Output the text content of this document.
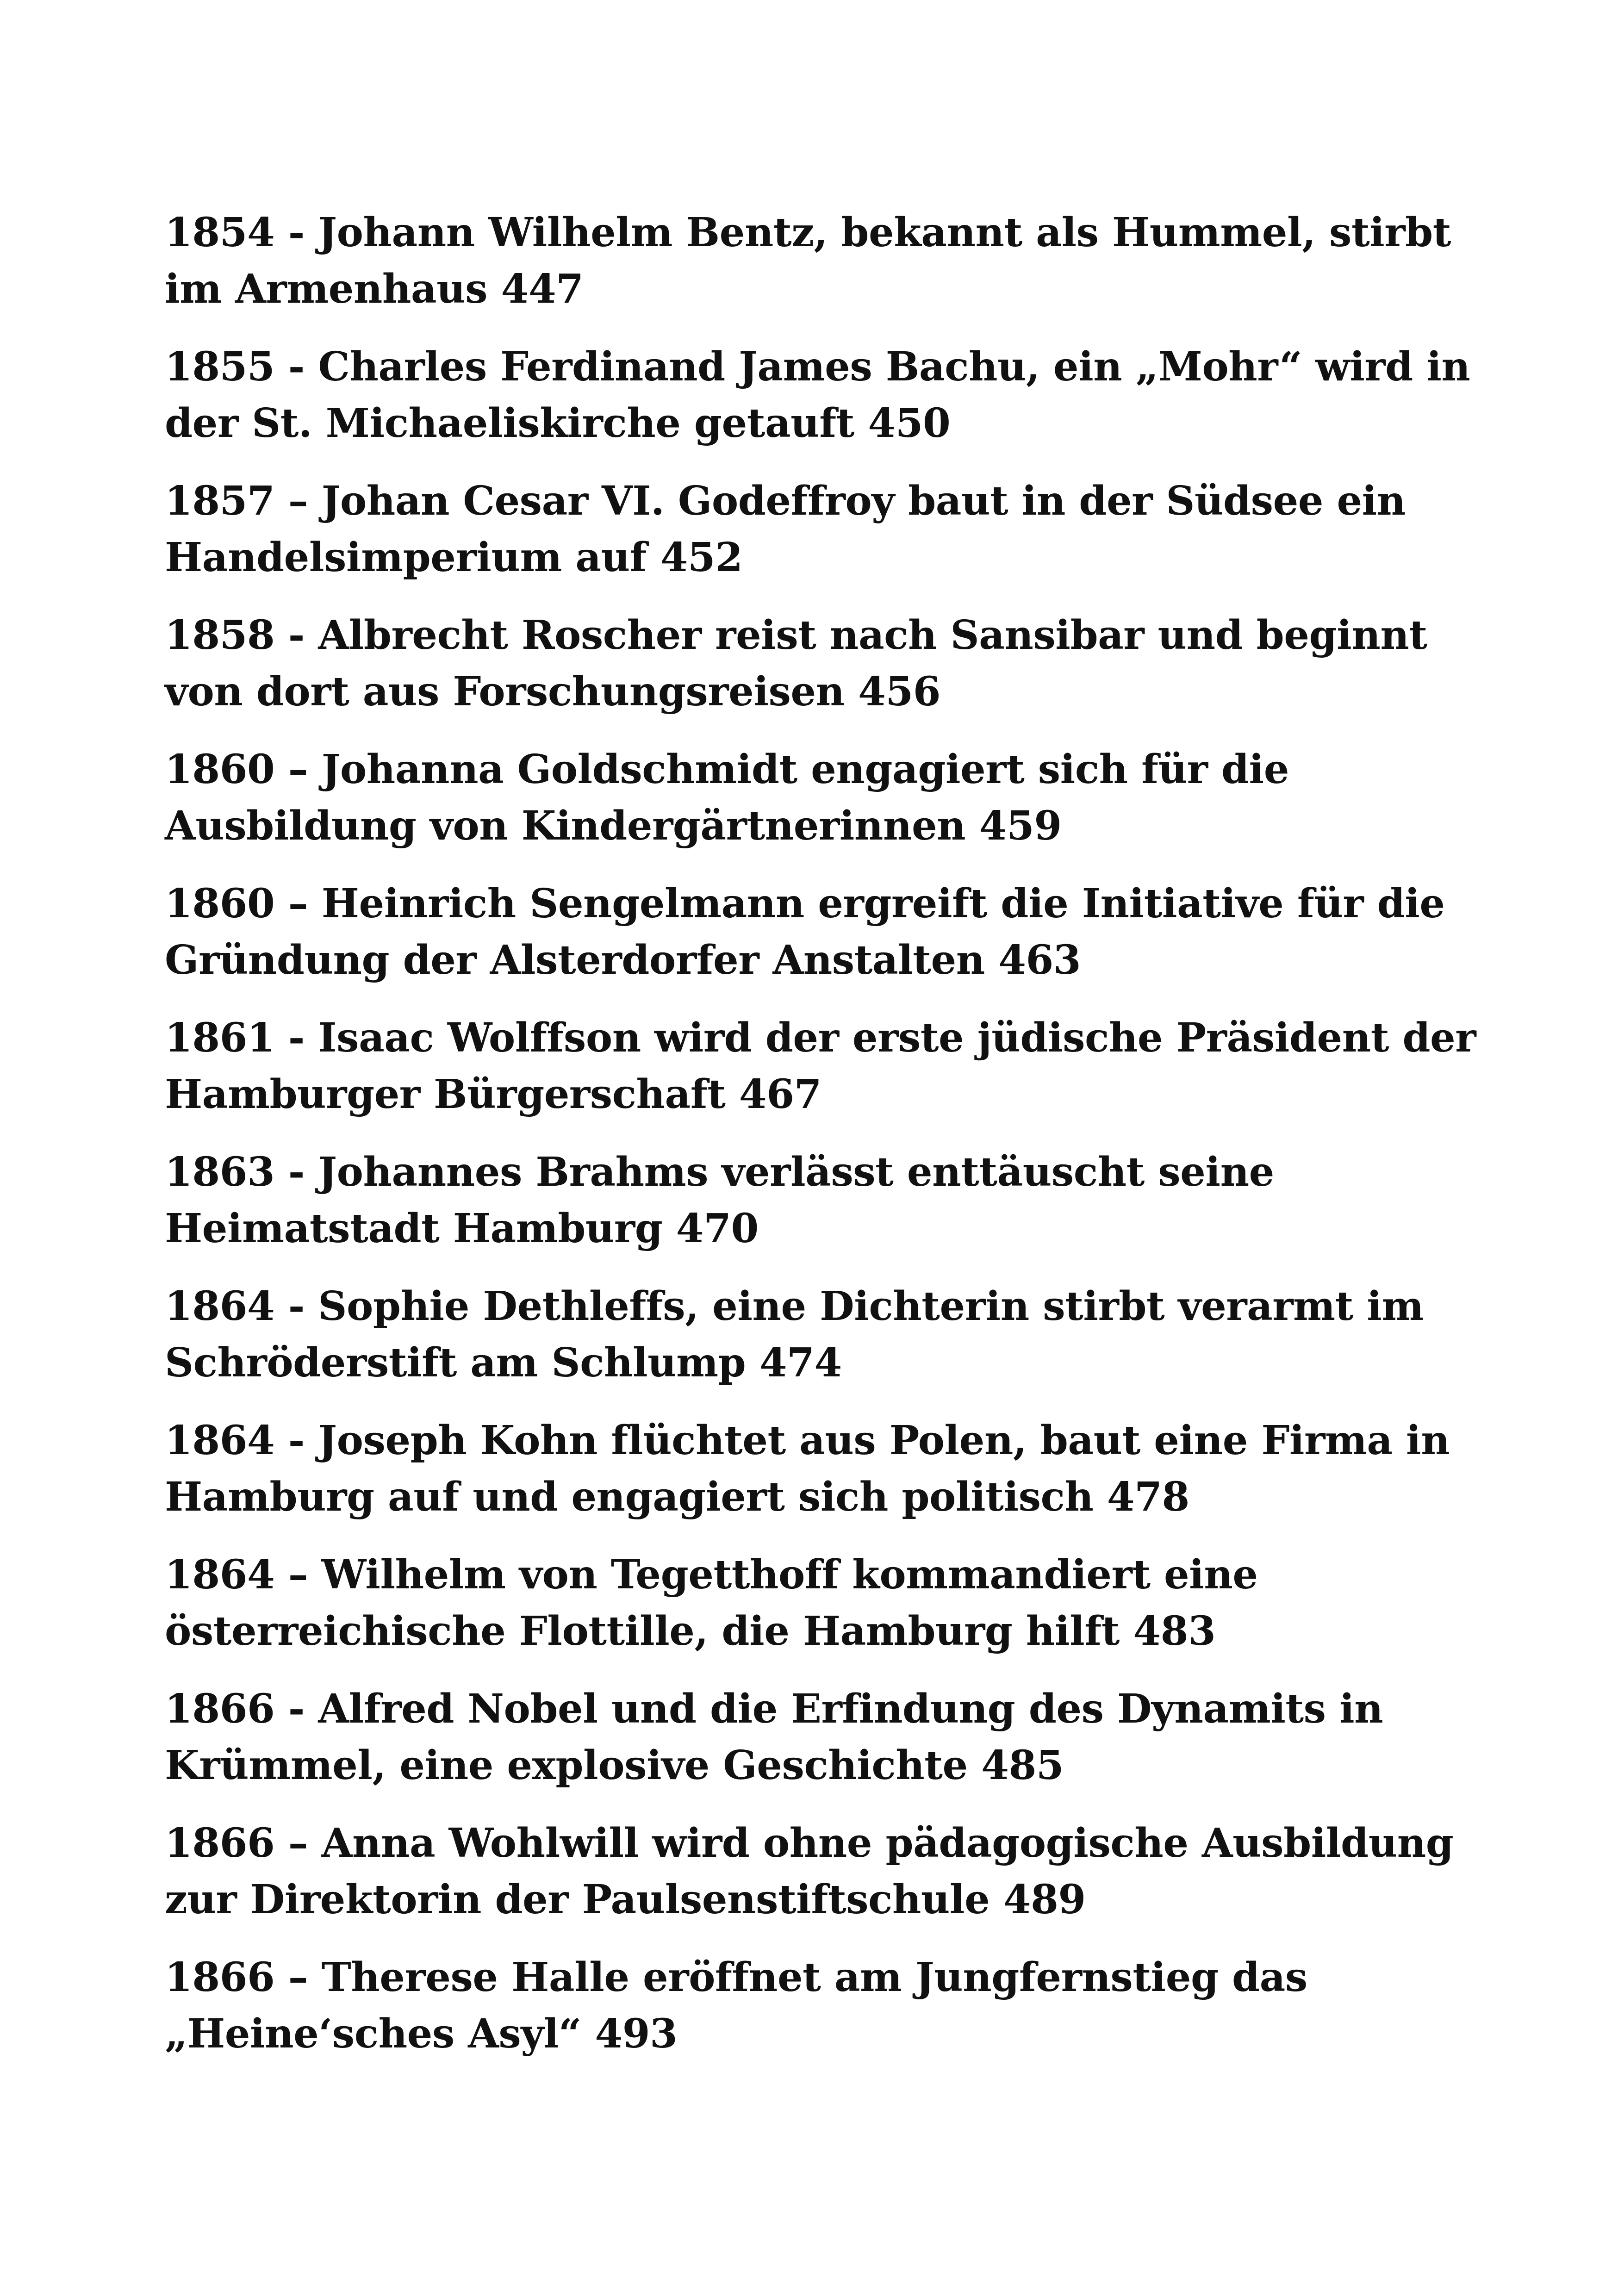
1854 - Johann Wilhelm Bentz, bekannt als Hummel, stirbt
im Armenhaus 447
1855 - Charles Ferdinand James Bachu, ein „Mohr“ wird in
der St. Michaeliskirche getauft 450
1857 – Johan Cesar VI. Godeffroy baut in der Südsee ein
Handelsimperium auf 452
1858 - Albrecht Roscher reist nach Sansibar und beginnt
von dort aus Forschungsreisen 456
1860 – Johanna Goldschmidt engagiert sich für die
Ausbildung von Kindergärtnerinnen 459
1860 – Heinrich Sengelmann ergreift die Initiative für die
Gründung der Alsterdorfer Anstalten 463
1861 - Isaac Wolffson wird der erste jüdische Präsident der
Hamburger Bürgerschaft 467
1863 - Johannes Brahms verlässt enttäuscht seine
Heimatstadt Hamburg 470
1864 - Sophie Dethleffs, eine Dichterin stirbt verarmt im
Schröderstift am Schlump 474
1864 - Joseph Kohn flüchtet aus Polen, baut eine Firma in
Hamburg auf und engagiert sich politisch 478
1864 – Wilhelm von Tegetthoff kommandiert eine
österreichische Flottille, die Hamburg hilft 483
1866 - Alfred Nobel und die Erfindung des Dynamits in
Krümmel, eine explosive Geschichte 485
1866 – Anna Wohlwill wird ohne pädagogische Ausbildung
zur Direktorin der Paulsenstiftschule 489
1866 – Therese Halle eröffnet am Jungfernstieg das
„Heine‘sches Asyl“ 493
